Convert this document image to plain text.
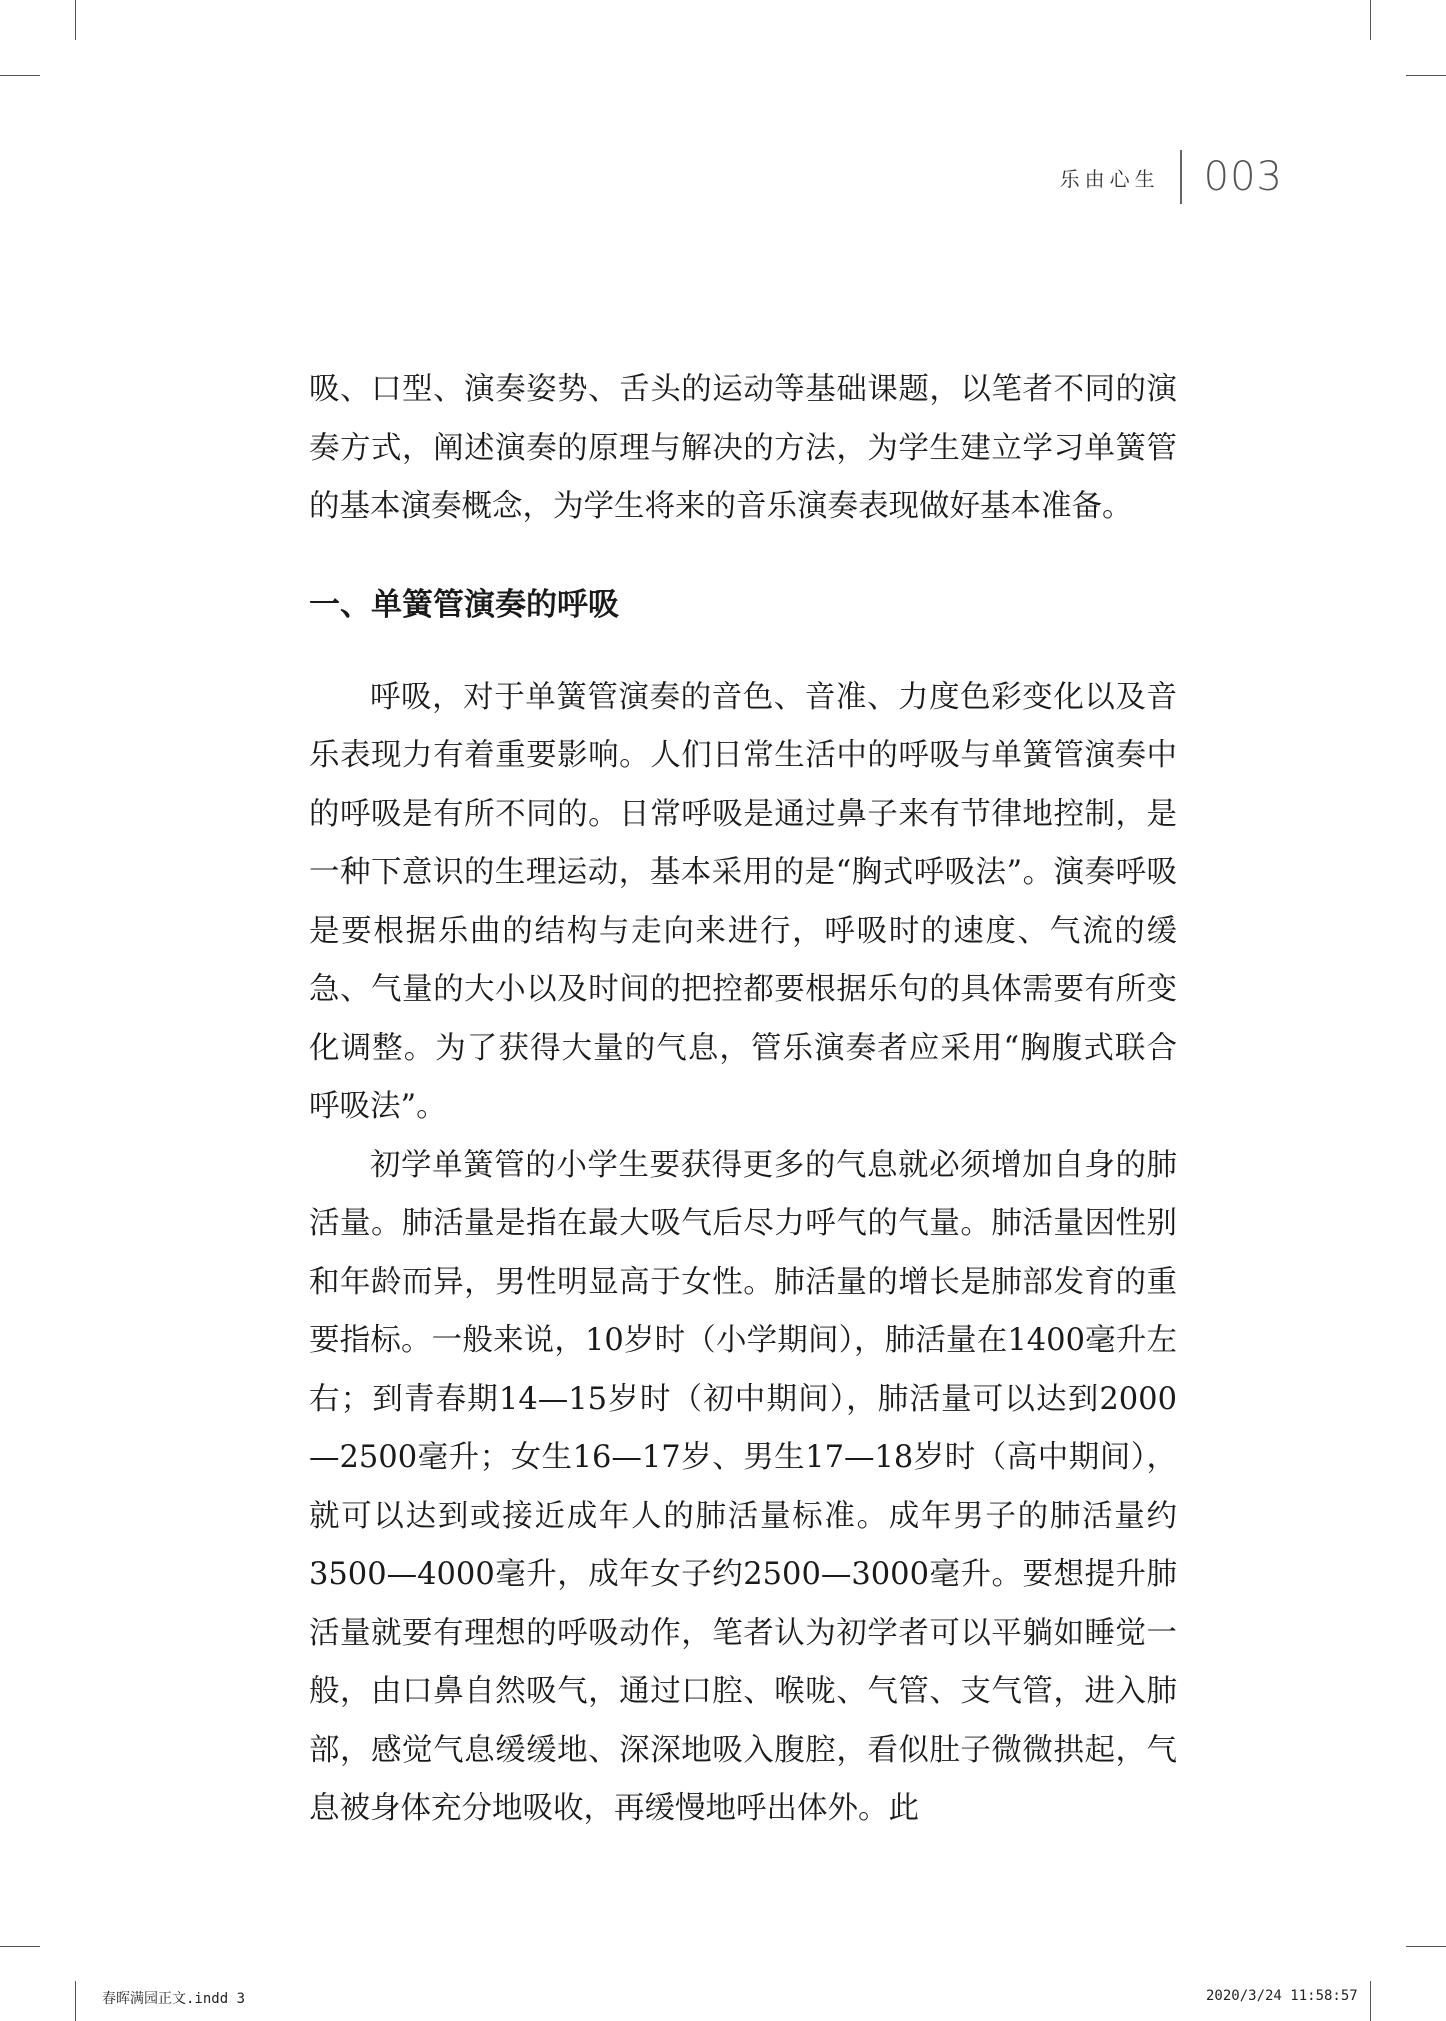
乐由心生 003

吸、口型、演奏姿势、舌头的运动等基础课题，以笔者不同的演奏方式，阐述演奏的原理与解决的方法，为学生建立学习单簧管的基本演奏概念，为学生将来的音乐演奏表现做好基本准备。

一、单簧管演奏的呼吸

呼吸，对于单簧管演奏的音色、音准、力度色彩变化以及音乐表现力有着重要影响。人们日常生活中的呼吸与单簧管演奏中的呼吸是有所不同的。日常呼吸是通过鼻子来有节律地控制，是一种下意识的生理运动，基本采用的是“胸式呼吸法”。演奏呼吸是要根据乐曲的结构与走向来进行，呼吸时的速度、气流的缓急、气量的大小以及时间的把控都要根据乐句的具体需要有所变化调整。为了获得大量的气息，管乐演奏者应采用“胸腹式联合呼吸法”。

初学单簧管的小学生要获得更多的气息就必须增加自身的肺活量。肺活量是指在最大吸气后尽力呼气的气量。肺活量因性别和年龄而异，男性明显高于女性。肺活量的增长是肺部发育的重要指标。一般来说，10岁时（小学期间），肺活量在1400毫升左右；到青春期14—15岁时（初中期间），肺活量可以达到2000—2500毫升；女生16—17岁、男生17—18岁时（高中期间），就可以达到或接近成年人的肺活量标准。成年男子的肺活量约3500—4000毫升，成年女子约2500—3000毫升。要想提升肺活量就要有理想的呼吸动作，笔者认为初学者可以平躺如睡觉一般，由口鼻自然吸气，通过口腔、喉咙、气管、支气管，进入肺部，感觉气息缓缓地、深深地吸入腹腔，看似肚子微微拱起，气息被身体充分地吸收，再缓慢地呼出体外。此

春晖满园正文.indd 3	2020/3/24 11:58:57
